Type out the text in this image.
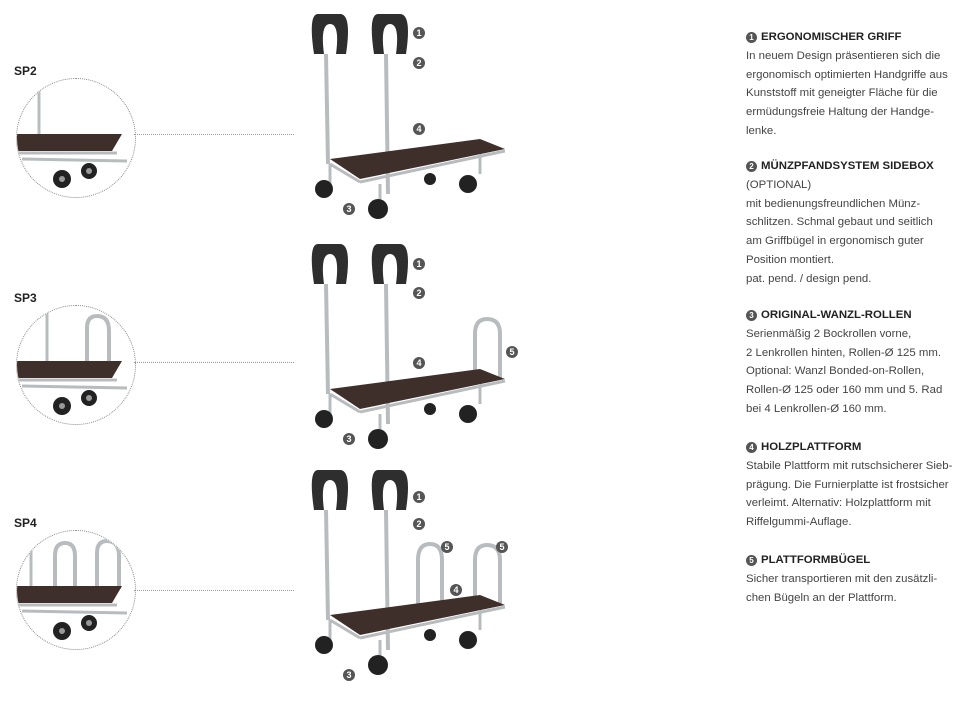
SP2
1
2
3
4
SP3
1
2
3
4
5
SP4
1
2
3
4
5	5
1 ERGONOMISCHER GRIFF

In neuem Design präsentieren sich die

ergonomisch optimierten Handgriffe aus

Kunststoff mit geneigter Fläche für die

ermüdungsfreie Haltung der Handge-

lenke.

2 MÜNZPFANDSYSTEM SIDEBOX

(OPTIONAL)

mit bedienungsfreundlichen Münz-

schlitzen. Schmal gebaut und seitlich

am Griffbügel in ergonomisch guter

Position montiert.

pat. pend. / design pend.

3 ORIGINAL-WANZL-ROLLEN

Serienmäßig 2 Bockrollen vorne,

2 Lenkrollen hinten, Rollen-Ø 125 mm.

Optional: Wanzl Bonded-on-Rollen,

Rollen-Ø 125 oder 160 mm und 5. Rad

bei 4 Lenkrollen-Ø 160 mm.

4 HOLZPLATTFORM

Stabile Plattform mit rutschsicherer Sieb-

prägung. Die Furnierplatte ist frostsicher

verleimt. Alternativ: Holzplattform mit

Riffelgummi-Auflage.

5 PLATTFORMBÜGEL

Sicher transportieren mit den zusätzli-

chen Bügeln an der Plattform.
